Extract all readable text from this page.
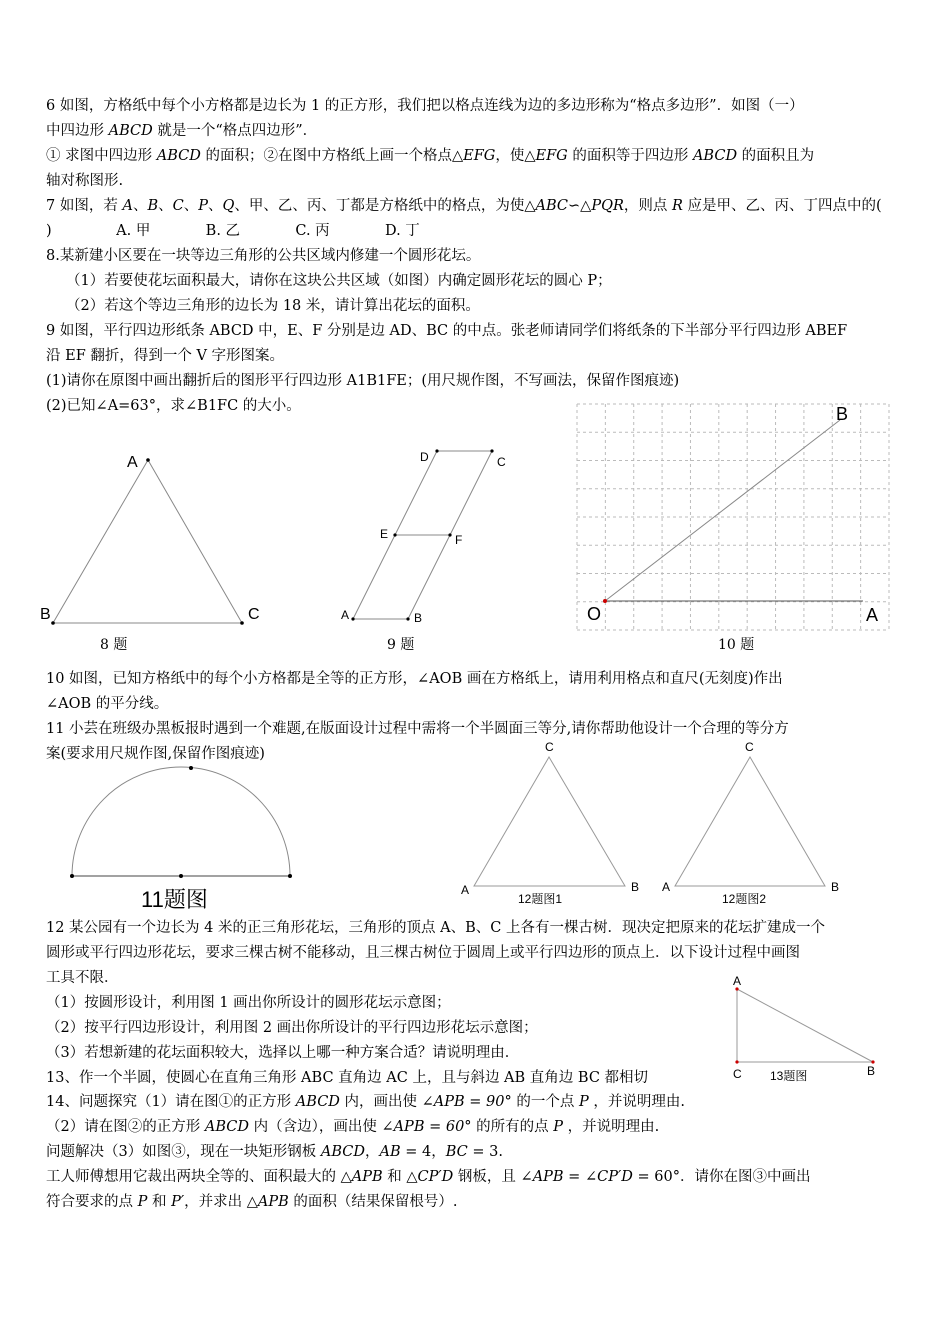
6 如图，方格纸中每个小方格都是边长为 1 的正方形，我们把以格点连线为边的多边形称为“格点多边形”．如图（一）
中四边形 ABCD 就是一个“格点四边形”．
① 求图中四边形 ABCD 的面积；②在图中方格纸上画一个格点△EFG，使△EFG 的面积等于四边形 ABCD 的面积且为
轴对称图形.
7 如图，若 A、B、C、P、Q、甲、乙、丙、丁都是方格纸中的格点，为使△ABC∽△PQR，则点 R 应是甲、乙、丙、丁四点中的(
)              A. 甲            B. 乙            C. 丙            D. 丁
8.某新建小区要在一块等边三角形的公共区域内修建一个圆形花坛。
（1）若要使花坛面积最大，请你在这块公共区域（如图）内确定圆形花坛的圆心 P；
（2）若这个等边三角形的边长为 18 米，请计算出花坛的面积。
9 如图，平行四边形纸条 ABCD 中，E、F 分别是边 AD、BC 的中点。张老师请同学们将纸条的下半部分平行四边形 ABEF
沿 EF 翻折，得到一个 V 字形图案。
(1)请你在原图中画出翻折后的图形平行四边形 A1B1FE；(用尺规作图，不写画法，保留作图痕迹)
(2)已知∠A=63°，求∠B1FC 的大小。
A
B	C
D	C
E	F
A	B	O	A
B
8 题	9 题	10 题
10 如图，已知方格纸中的每个小方格都是全等的正方形，∠AOB 画在方格纸上，请用利用格点和直尺(无刻度)作出
∠AOB 的平分线。
11 小芸在班级办黑板报时遇到一个难题,在版面设计过程中需将一个半圆面三等分,请你帮助他设计一个合理的等分方
案(要求用尺规作图,保留作图痕迹)	C
A	B
C
A	B
11题图	12题图1	12题图2
12 某公园有一个边长为 4 米的正三角形花坛，三角形的顶点 A、B、C 上各有一棵古树．现决定把原来的花坛扩建成一个
圆形或平行四边形花坛，要求三棵古树不能移动，且三棵古树位于圆周上或平行四边形的顶点上．以下设计过程中画图
工具不限．
（1）按圆形设计，利用图 1 画出你所设计的圆形花坛示意图；
（2）按平行四边形设计，利用图 2 画出你所设计的平行四边形花坛示意图；
（3）若想新建的花坛面积较大，选择以上哪一种方案合适？请说明理由．
A
C	B
13题图
13、作一个半圆，使圆心在直角三角形 ABC 直角边 AC 上，且与斜边 AB 直角边 BC 都相切
14、问题探究（1）请在图①的正方形 ABCD 内，画出使 ∠APB = 90° 的一个点 P ，并说明理由.
（2）请在图②的正方形 ABCD 内（含边），画出使 ∠APB = 60° 的所有的点 P ，并说明理由.
问题解决（3）如图③，现在一块矩形钢板 ABCD，AB = 4，BC = 3.
工人师傅想用它裁出两块全等的、面积最大的 △APB 和 △CP′D 钢板，且 ∠APB = ∠CP′D = 60°．请你在图③中画出
符合要求的点 P 和 P′，并求出 △APB 的面积（结果保留根号）.
